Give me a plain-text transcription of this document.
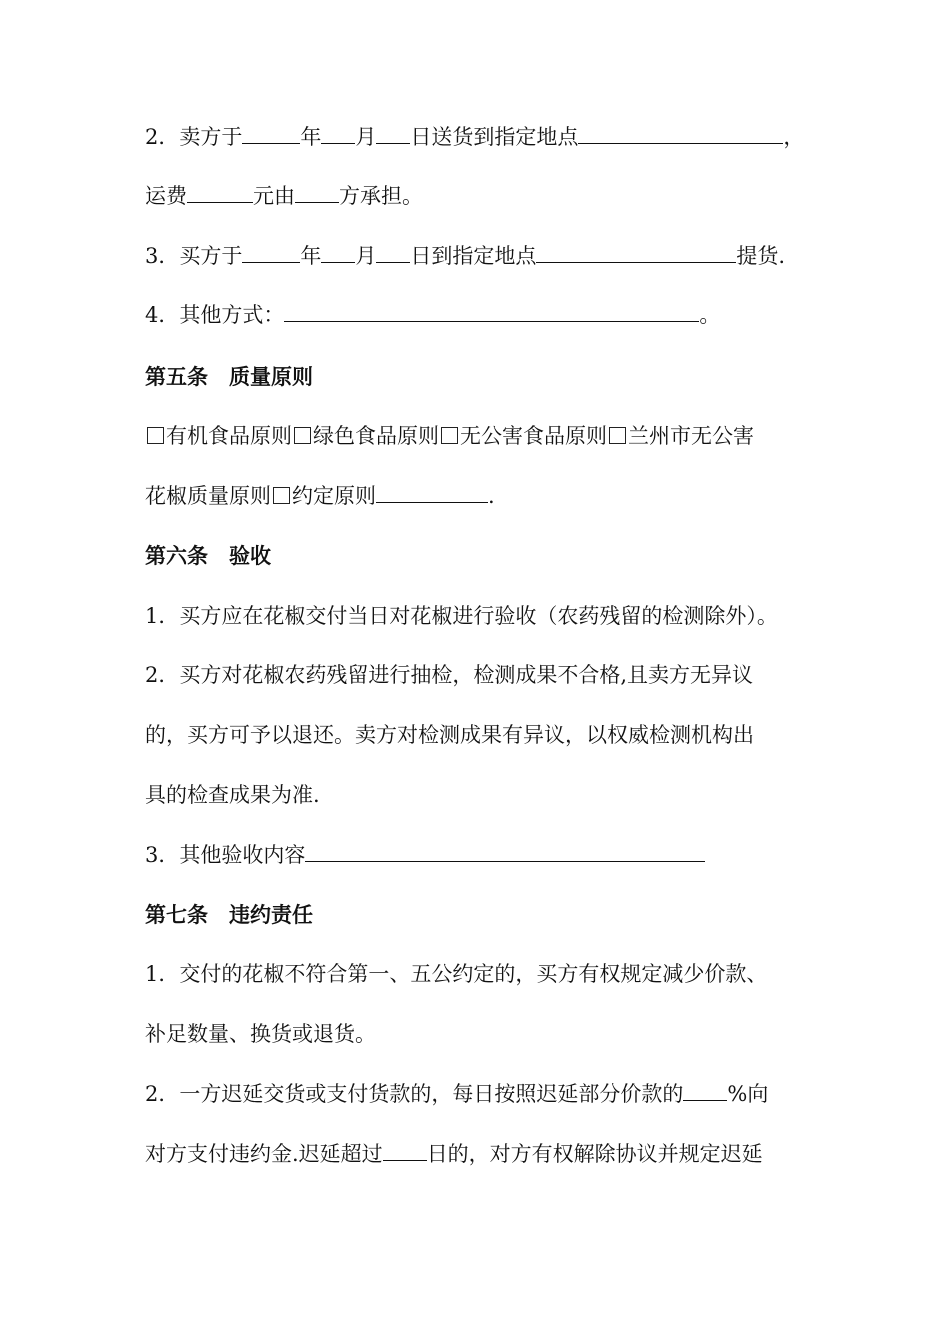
2．卖方于	年 月 日送货到指定地点	，
运费	元由 方承担。
3．买方于	年 月 日到指定地点	提货.
4．其他方式：	。
第五条　质量原则
有机食品原则 绿色食品原则 无公害食品原则 兰州市无公害
花椒质量原则 约定原则	.
第六条　验收
1．买方应在花椒交付当日对花椒进行验收（农药残留的检测除外）。
2．买方对花椒农药残留进行抽检，检测成果不合格,且卖方无异议
的，买方可予以退还。卖方对检测成果有异议，以权威检测机构出
具的检查成果为准.
3．其他验收内容
第七条　违约责任
1．交付的花椒不符合第一、五公约定的，买方有权规定减少价款、
补足数量、换货或退货。
2．一方迟延交货或支付货款的，每日按照迟延部分价款的 %向
对方支付违约金.迟延超过 日的，对方有权解除协议并规定迟延
